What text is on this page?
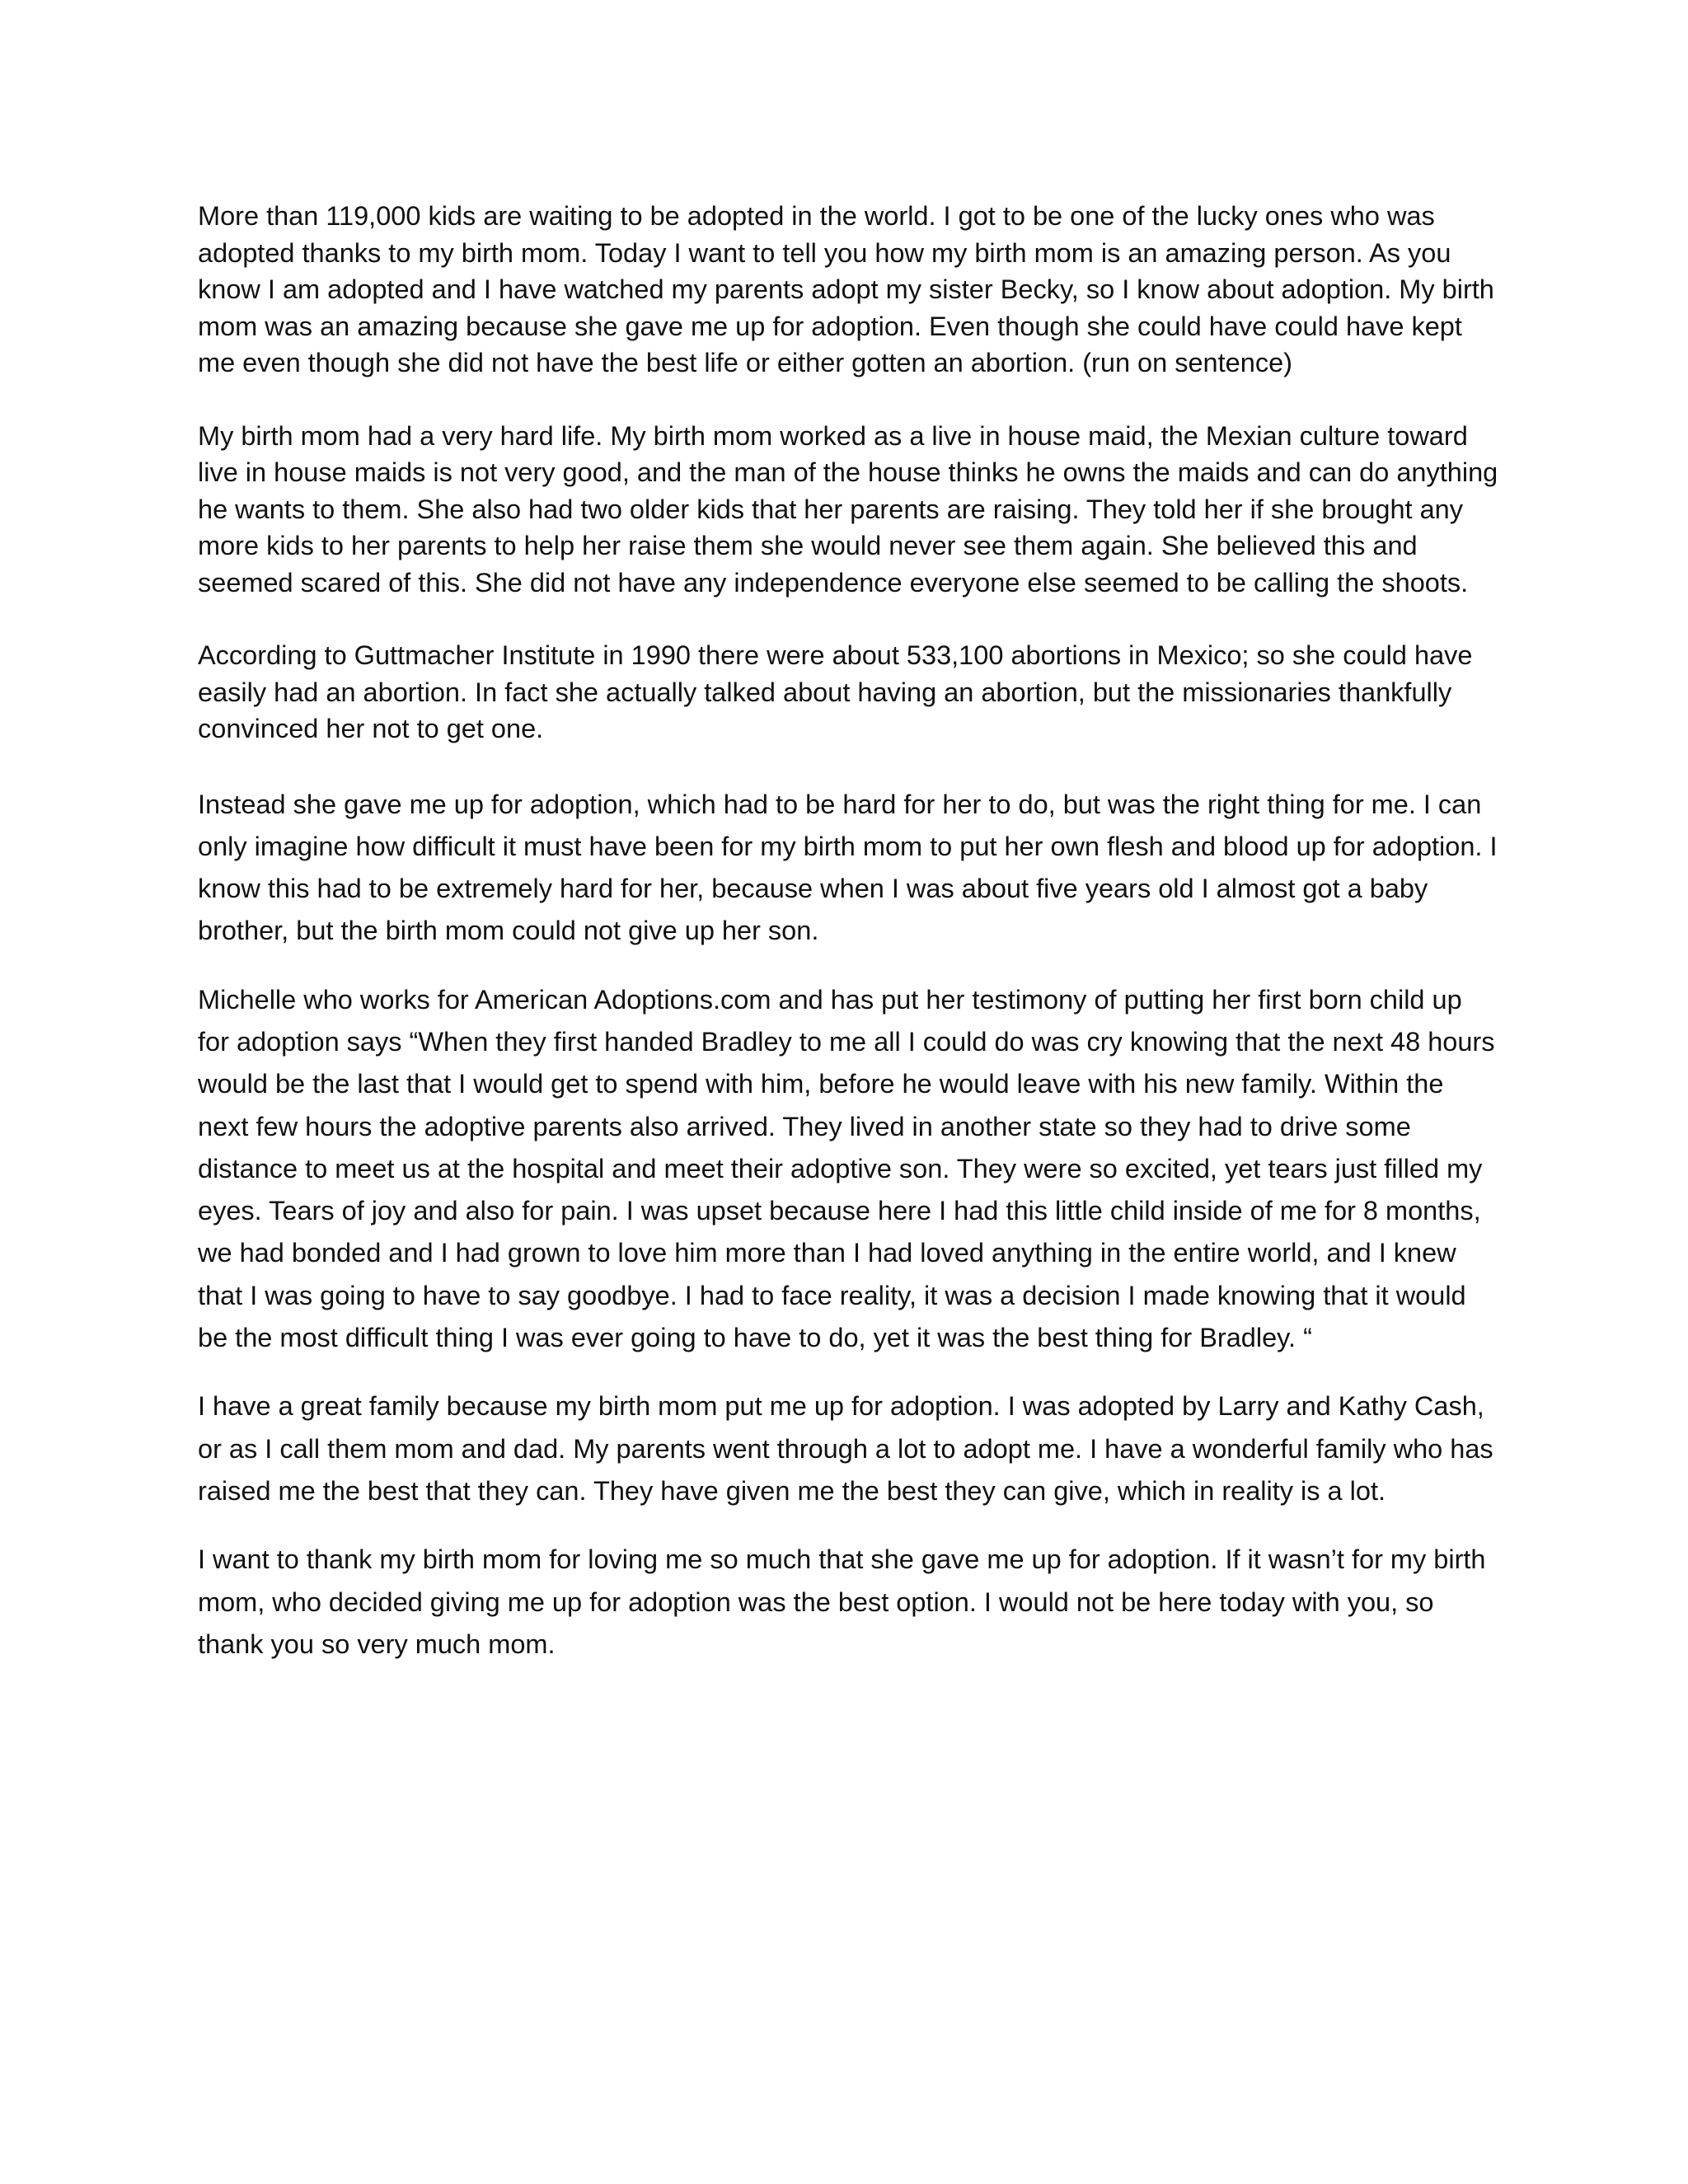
More than 119,000 kids are waiting to be adopted in the world. I got to be one of the lucky ones who was adopted thanks to my birth mom. Today I want to tell you how my birth mom is an amazing person. As you know I am adopted and I have watched my parents adopt my sister Becky, so I know about adoption. My birth mom was an amazing because she gave me up for adoption. Even though she could have could have kept me even though she did not have the best life or either gotten an abortion. (run on sentence)

My birth mom had a very hard life. My birth mom worked as a live in house maid, the Mexian culture toward live in house maids is not very good, and the man of the house thinks he owns the maids and can do anything he wants to them. She also had two older kids that her parents are raising. They told her if she brought any more kids to her parents to help her raise them she would never see them again. She believed this and seemed scared of this. She did not have any independence everyone else seemed to be calling the shoots.

According to Guttmacher Institute in 1990 there were about 533,100 abortions in Mexico; so she could have easily had an abortion. In fact she actually talked about having an abortion, but the missionaries thankfully convinced her not to get one.

Instead she gave me up for adoption, which had to be hard for her to do, but was the right thing for me. I can only imagine how difficult it must have been for my birth mom to put her own flesh and blood up for adoption. I know this had to be extremely hard for her, because when I was about five years old I almost got a baby brother, but the birth mom could not give up her son.

Michelle who works for American Adoptions.com and has put her testimony of putting her first born child up for adoption says “When they first handed Bradley to me all I could do was cry knowing that the next 48 hours would be the last that I would get to spend with him, before he would leave with his new family. Within the next few hours the adoptive parents also arrived. They lived in another state so they had to drive some distance to meet us at the hospital and meet their adoptive son. They were so excited, yet tears just filled my eyes. Tears of joy and also for pain. I was upset because here I had this little child inside of me for 8 months, we had bonded and I had grown to love him more than I had loved anything in the entire world, and I knew that I was going to have to say goodbye. I had to face reality, it was a decision I made knowing that it would be the most difficult thing I was ever going to have to do, yet it was the best thing for Bradley. “

I have a great family because my birth mom put me up for adoption. I was adopted by Larry and Kathy Cash, or as I call them mom and dad. My parents went through a lot to adopt me. I have a wonderful family who has raised me the best that they can. They have given me the best they can give, which in reality is a lot.

I want to thank my birth mom for loving me so much that she gave me up for adoption. If it wasn’t for my birth mom, who decided giving me up for adoption was the best option. I would not be here today with you, so thank you so very much mom.
